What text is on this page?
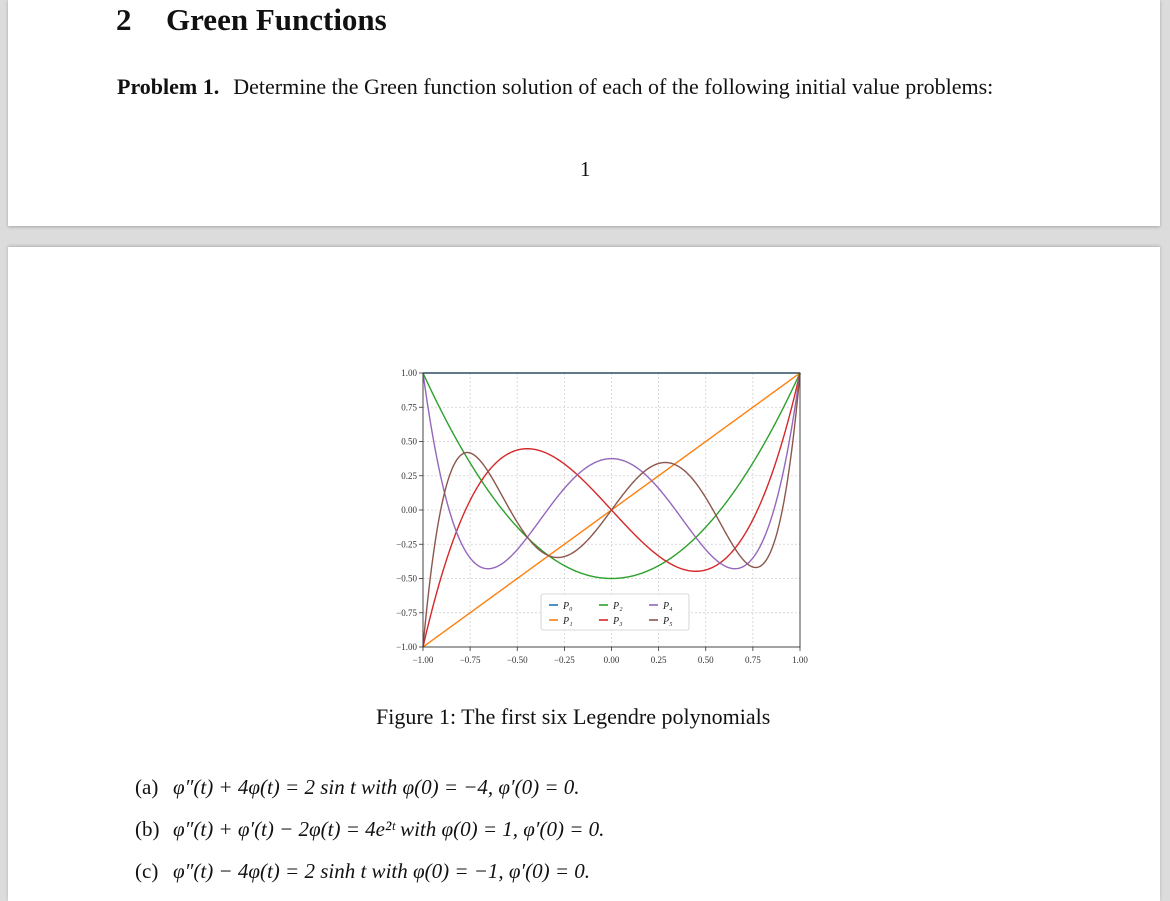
2 Green Functions
Problem 1. Determine the Green function solution of each of the following initial value problems:
1
−1.00	−0.75	−0.50	−0.25	0.00	0.25	0.50	0.75	1.00
1.00
0.75
0.50
0.25
0.00
−0.25
−0.50
−0.75
−1.00
P₀
P₁
P₂
P₃
P₄
P₅
Figure 1: The first six Legendre polynomials
(a) φ″(t) + 4φ(t) = 2 sin t with φ(0) = −4, φ′(0) = 0.
(b) φ″(t) + φ′(t) − 2φ(t) = 4e²ᵗ with φ(0) = 1, φ′(0) = 0.
(c) φ″(t) − 4φ(t) = 2 sinh t with φ(0) = −1, φ′(0) = 0.
